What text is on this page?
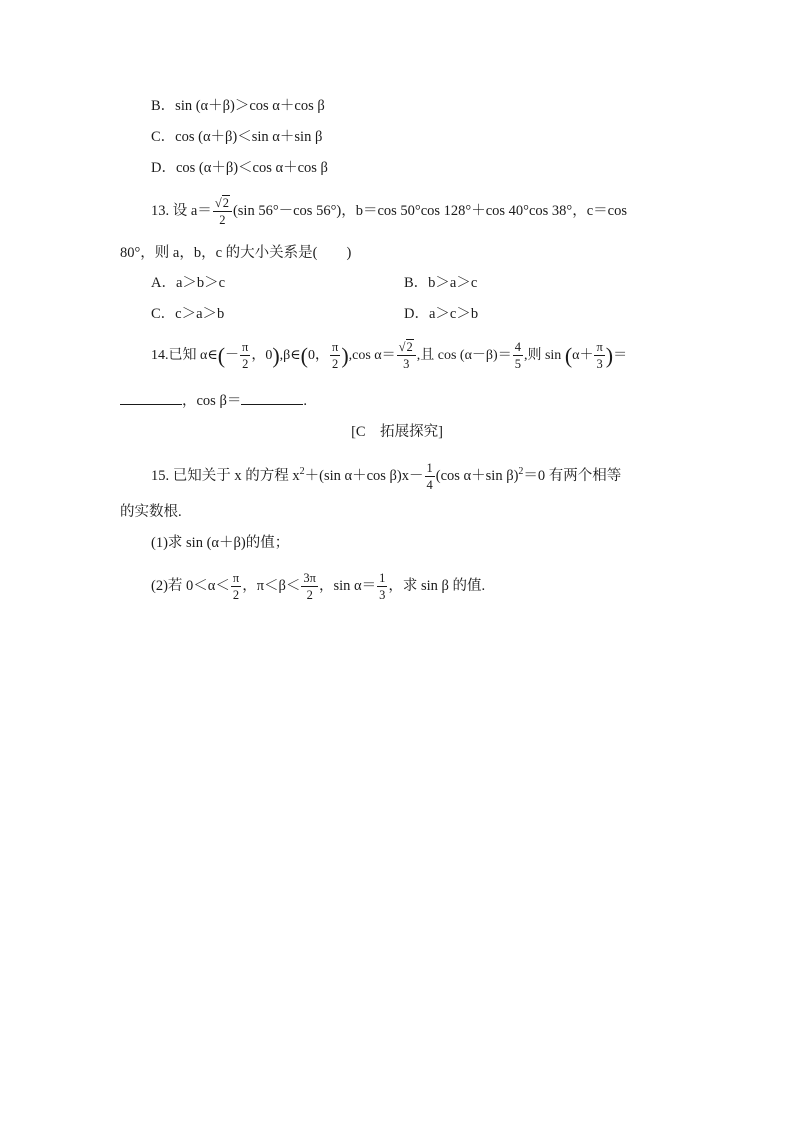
B．sin (α＋β)＞cos α＋cos β
C．cos (α＋β)＜sin α＋sin β
D．cos (α＋β)＜cos α＋cos β
13. 设 $a= \frac{√2}{2} (\sin$ 56°－cos 56°)，b＝cos 50°cos 128°＋cos 40°cos 38°，c＝cos
80°，则 a，b，c 的大小关系是(　　)
A．a＞b＞c	B．b＞a＞c
C．c＞a＞b	D．a＞c＞b
14.已知 α∈(－ $\frac{\pi}{2}$ ，0),β∈(0， $\frac{\pi}{2} ),\cos$ $\alpha= \frac{√2}{3}$ ,且 $\cos (\alpha-\beta)= \frac{4}{5}$ ,则 $\sin (\alpha+ \frac{\pi}{3}$ )＝
，cos β＝	.
[C　拓展探究]
15. 已知关于 x 的方程 $x^2+(\sin$ α＋cos $\beta)x- \frac{1}{4} (\cos$ α＋sin β)$^2$＝0 有两个相等
的实数根.
(1)求 sin (α＋β)的值；
(2)若 $0<\alpha< \frac{\pi}{2}$ ，$\pi<\beta< \frac{3\pi}{2}$ ，$\sin \alpha= \frac{1}{3}$ ，求 sin β 的值.
